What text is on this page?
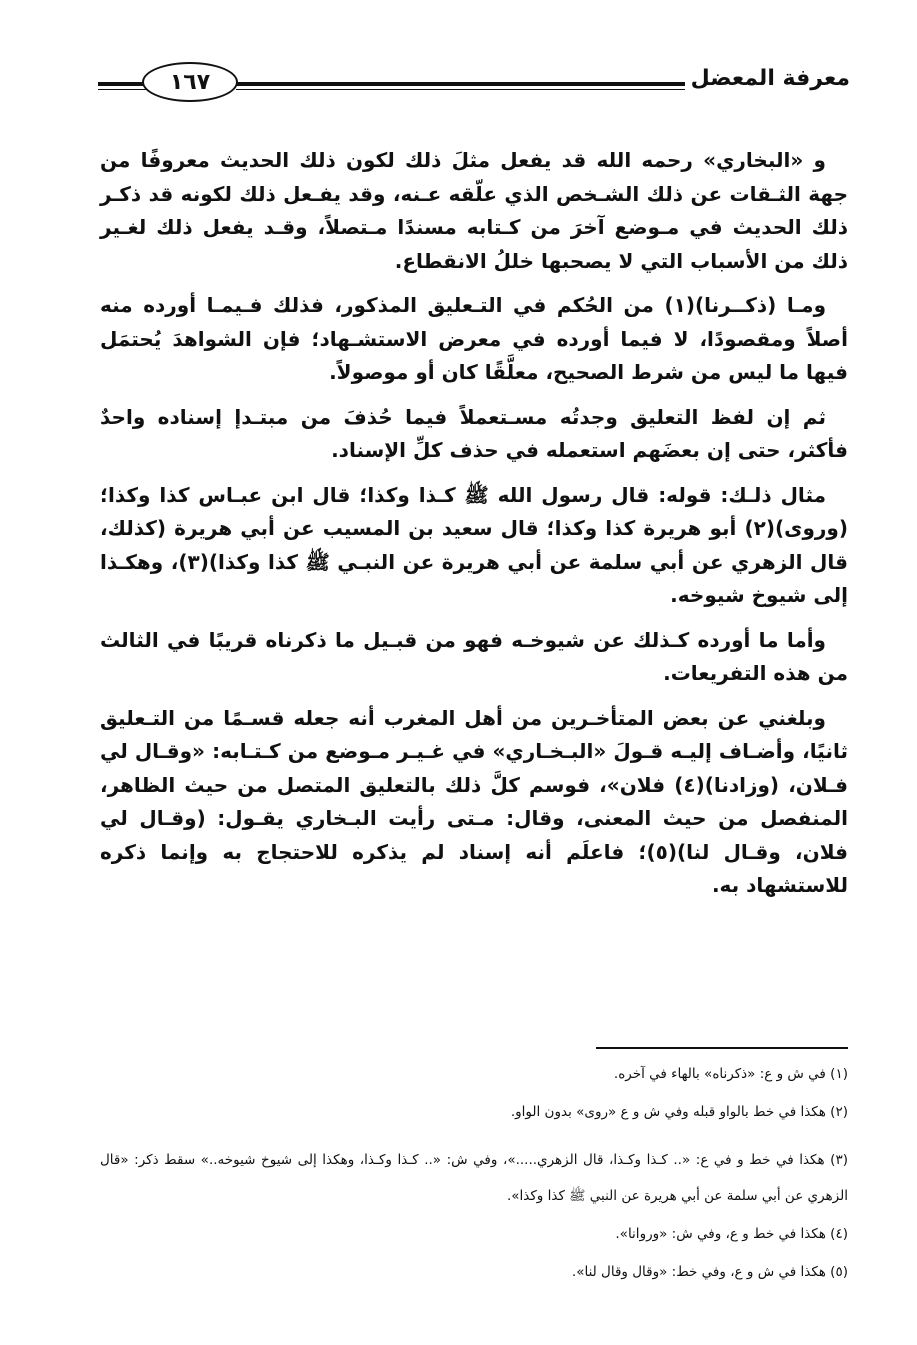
١٦٧	معرفة المعضل

و «البخاري» رحمه الله قد يفعل مثلَ ذلك لكون ذلك الحديث معروفًا من جهة الثـقات عن ذلك الشـخص الذي علّقه عـنه، وقد يفـعل ذلك لكونه قد ذكـر ذلك الحديث في مـوضع آخرَ من كـتابه مسندًا مـتصلاً، وقـد يفعل ذلك لغـير ذلك من الأسباب التي لا يصحبها خللُ الانقطاع.

ومـا (ذكــرنا)(١) من الحُكم في التـعليق المذكور، فذلك فـيمـا أورده منه أصلاً ومقصودًا، لا فيما أورده في معرض الاستشـهاد؛ فإن الشواهدَ يُحتمَل فيها ما ليس من شرط الصحيح، معلَّقًا كان أو موصولاً.

ثم إن لفظ التعليق وجدتُه مسـتعملاً فيما حُذفَ من مبتـدإ إسناده واحدٌ فأكثر، حتى إن بعضَهم استعمله في حذف كلِّ الإسناد.

مثال ذلـك: قوله: قال رسول الله ﷺ كـذا وكذا؛ قال ابن عبـاس كذا وكذا؛ (وروى)(٢) أبو هريرة كذا وكذا؛ قال سعيد بن المسيب عن أبي هريرة (كذلك، قال الزهري عن أبي سلمة عن أبي هريرة عن النبـي ﷺ كذا وكذا)(٣)، وهكـذا إلى شيوخ شيوخه.

وأما ما أورده كـذلك عن شيوخـه فهو من قبـيل ما ذكرناه قريبًا في الثالث من هذه التفريعات.

وبلغني عن بعض المتأخـرين من أهل المغرب أنه جعله قسـمًا من التـعليق ثانيًا، وأضـاف إليـه قـولَ «البـخـاري» في غـيـر مـوضع من كـتـابه: «وقـال لي فـلان، (وزادنا)(٤) فلان»، فوسم كلَّ ذلك بالتعليق المتصل من حيث الظاهر، المنفصل من حيث المعنى، وقال: مـتى رأيت البـخاري يقـول: (وقـال لي فلان، وقـال لنا)(٥)؛ فاعلَم أنه إسناد لم يذكره للاحتجاج به وإنما ذكره للاستشهاد به.

(١) في ش و ع: «ذكرناه» بالهاء في آخره.

(٢) هكذا في خط بالواو قبله وفي ش و ع «روى» بدون الواو.

(٣) هكذا في خط و في ع: «.. كـذا وكـذا، قال الزهري.....»، وفي ش: «.. كـذا وكـذا، وهكذا إلى شيوخ شيوخه..» سقط ذكر: «قال الزهري عن أبي سلمة عن أبي هريرة عن النبي ﷺ كذا وكذا».

(٤) هكذا في خط و ع، وفي ش: «وروانا».

(٥) هكذا في ش و ع، وفي خط: «وقال وقال لنا».
